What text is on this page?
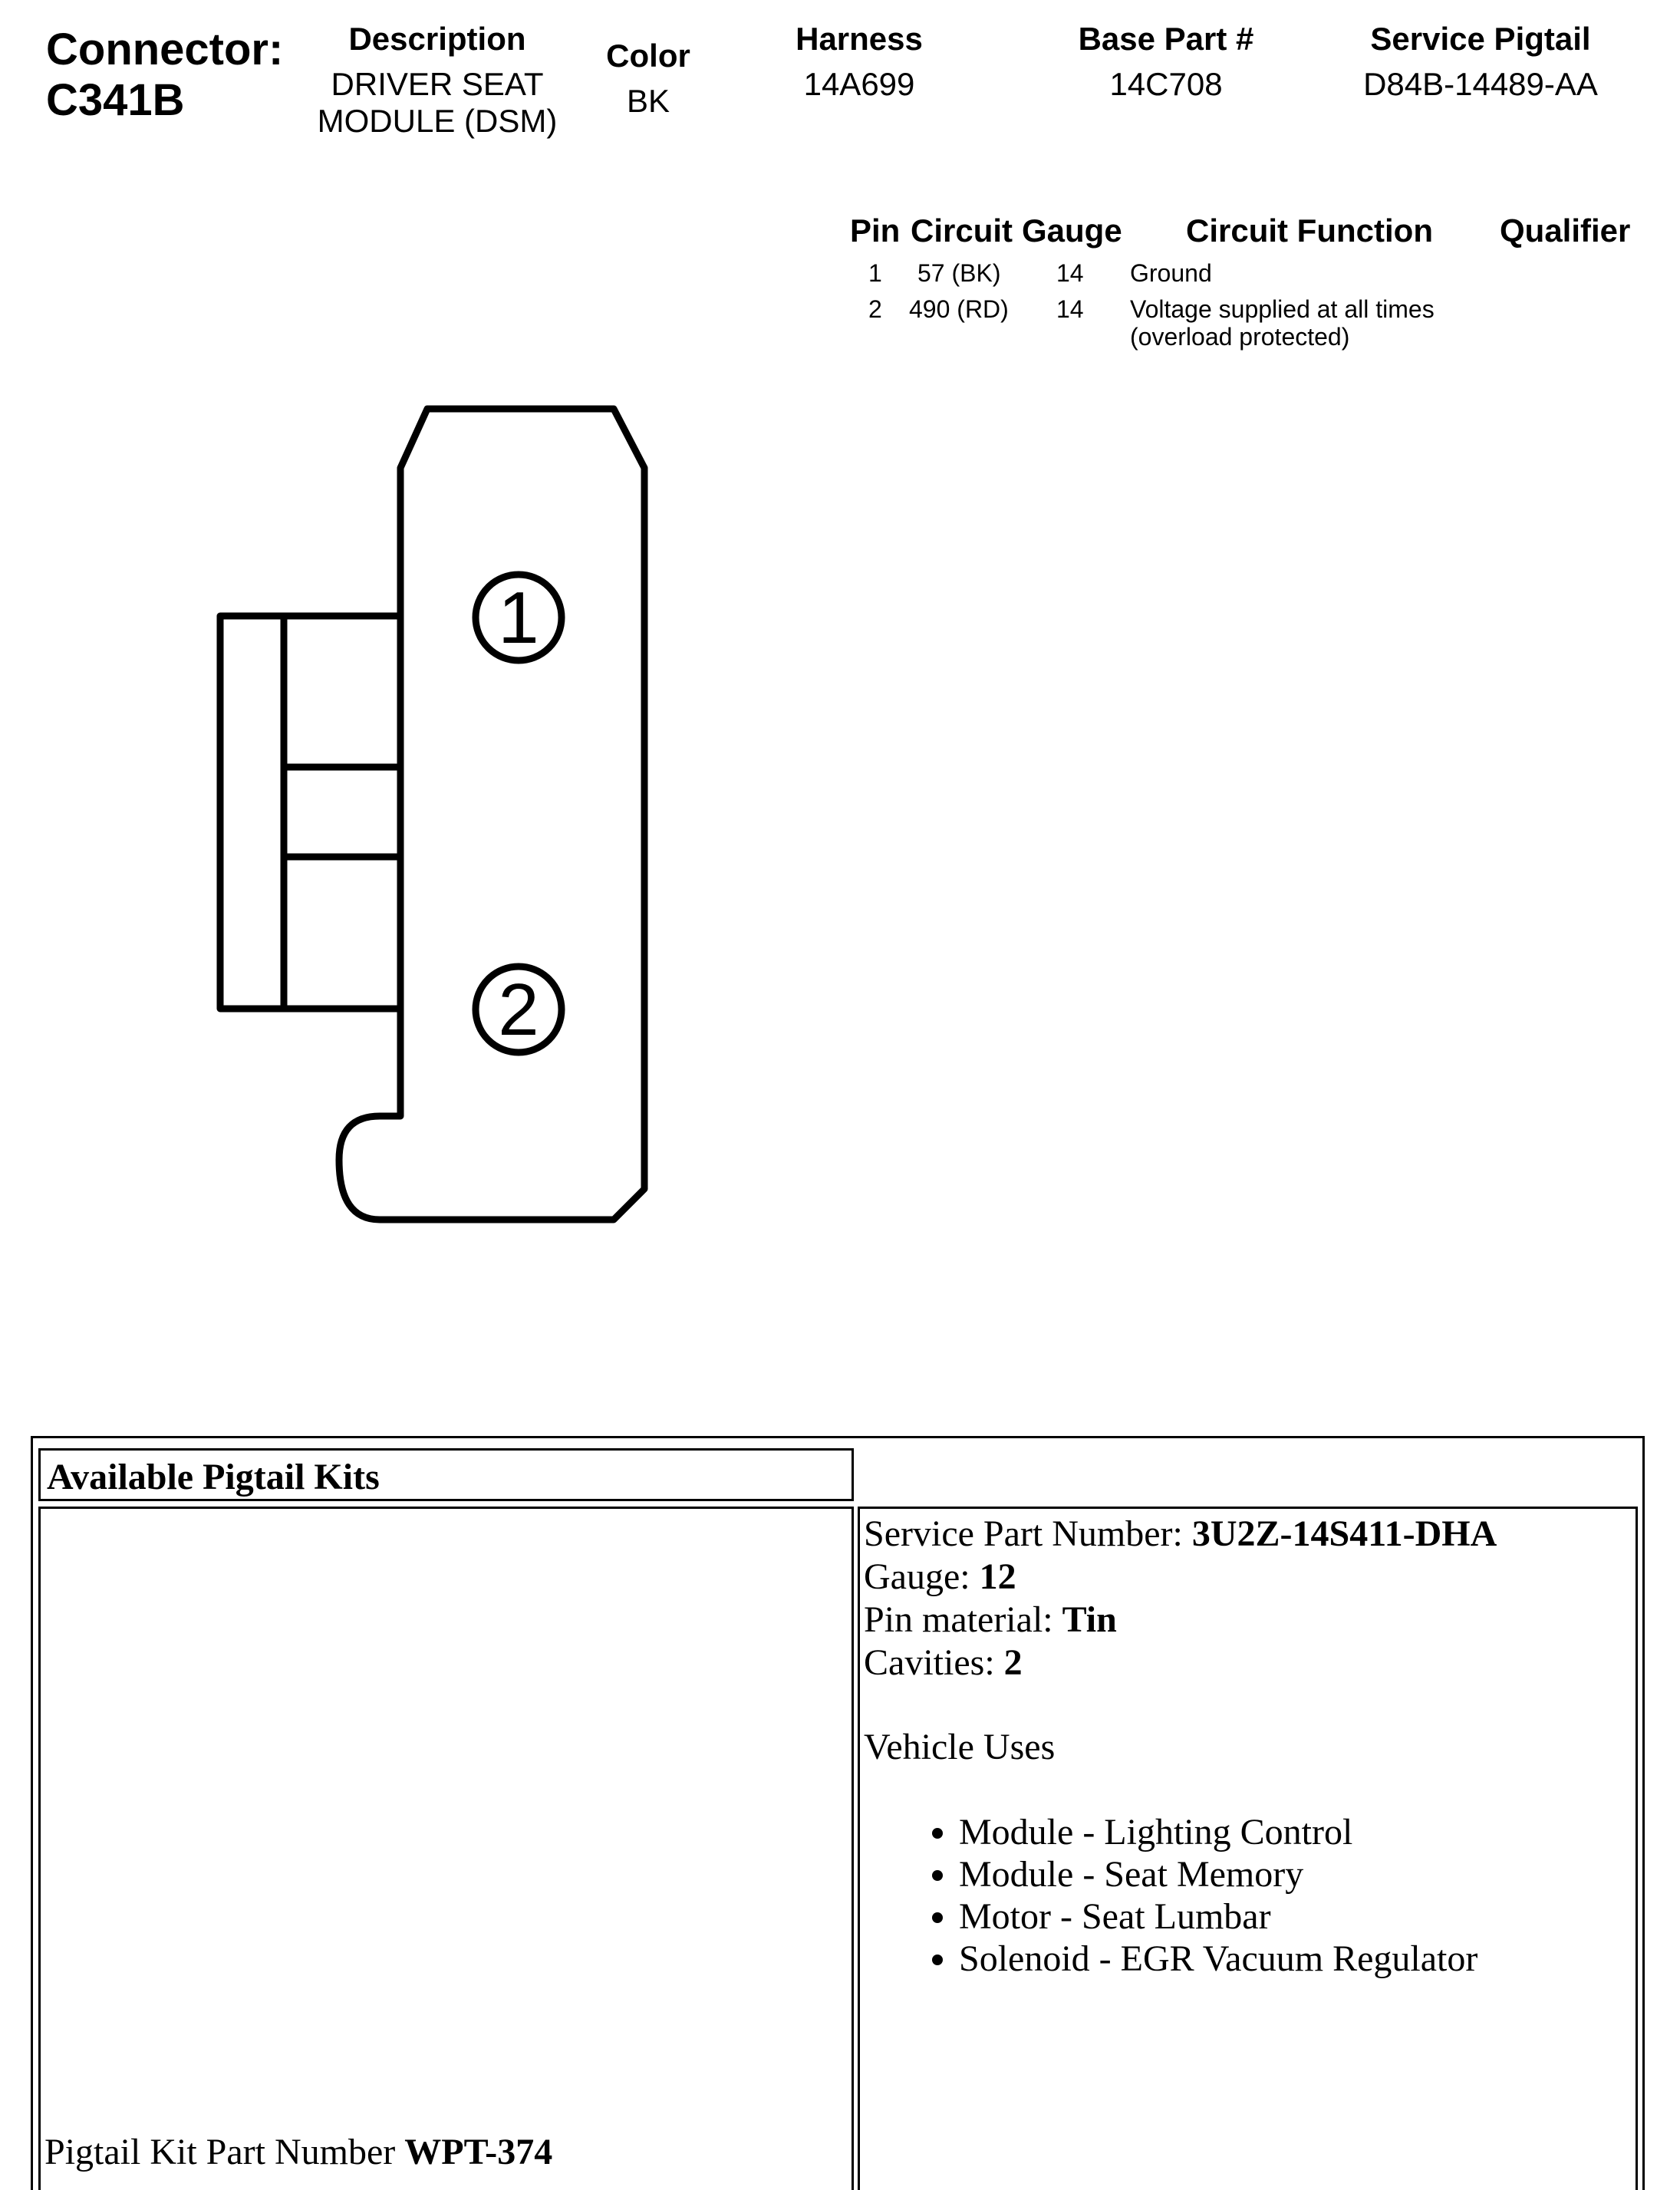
Connector:
C341B
Description
DRIVER SEAT
MODULE (DSM)
Color
BK
Harness
14A699
Base Part #
14C708
Service Pigtail
D84B-14489-AA
Pin Circuit Gauge Circuit Function Qualifier
1 57 (BK) 14 Ground
2 490 (RD) 14 Voltage supplied at all times
(overload protected)
1
2
Available Pigtail Kits
Pigtail Kit Part Number WPT-374
Service Part Number: 3U2Z-14S411-DHA
Gauge: 12
Pin material: Tin
Cavities: 2
Vehicle Uses
• Module - Lighting Control
• Module - Seat Memory
• Motor - Seat Lumbar
• Solenoid - EGR Vacuum Regulator
